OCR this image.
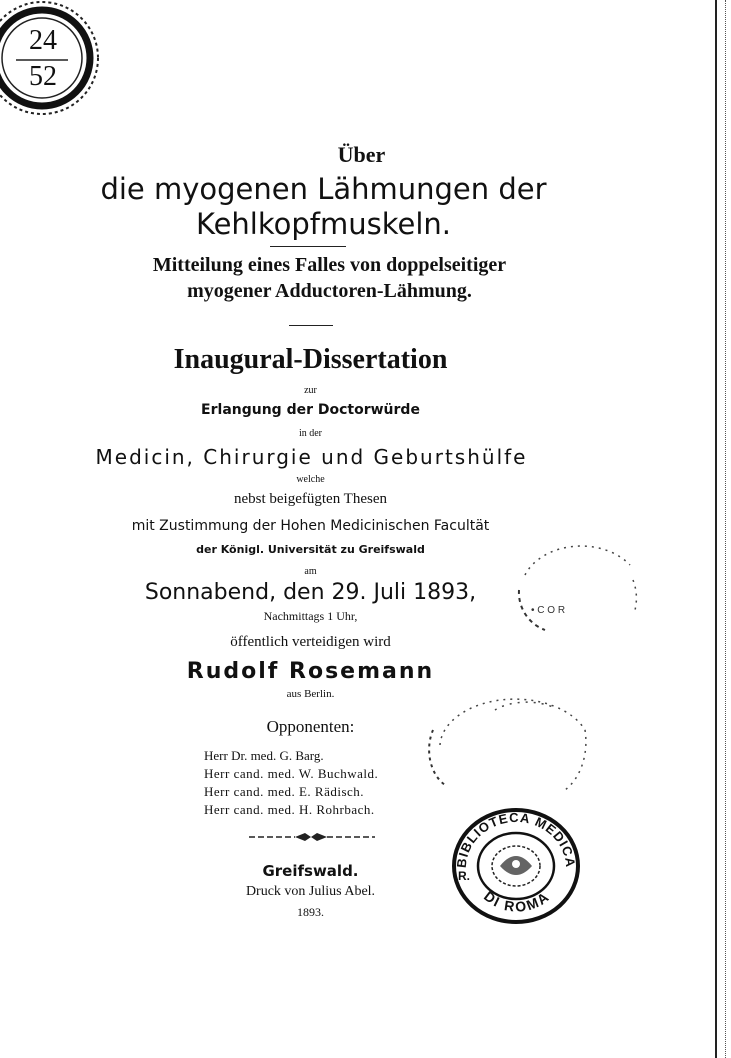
24
52
Über
die myogenen Lähmungen der
Kehlkopfmuskeln.
Mitteilung eines Falles von doppelseitiger
myogener Adductoren-Lähmung.
Inaugural-Dissertation
zur
Erlangung der Doctorwürde
in der
Medicin, Chirurgie und Geburtshülfe
welche
nebst beigefügten Thesen
mit Zustimmung der Hohen Medicinischen Facultät
der Königl. Universität zu Greifswald
am
Sonnabend, den 29. Juli 1893,
Nachmittags 1 Uhr,
öffentlich verteidigen wird
Rudolf Rosemann
aus Berlin.
Opponenten:
Herr Dr. med. G. Barg.
Herr cand. med. W. Buchwald.
Herr cand. med. E. Rädisch.
Herr cand. med. H. Rohrbach.
Greifswald.
Druck von Julius Abel.
1893.
• C O R
BIBLIOTECA MEDICA
DI ROMA
R.
